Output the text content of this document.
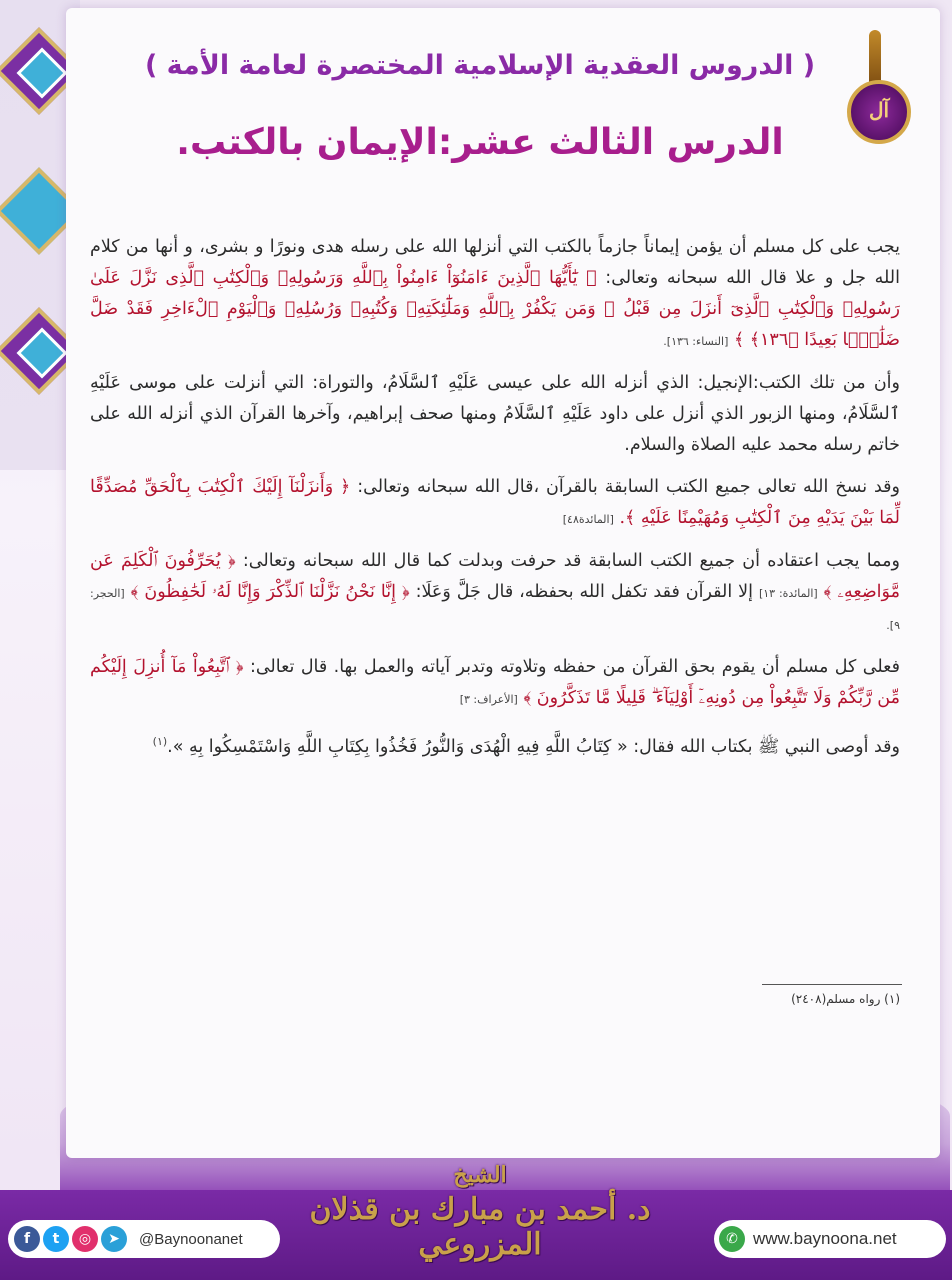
آل
( الدروس العقدية الإسلامية المختصرة لعامة الأمة )
الدرس الثالث عشر:الإيمان بالكتب.

يجب على كل مسلم أن يؤمن إيماناً جازماً بالكتب التي أنزلها الله على رسله هدى ونورًا و بشرى، و أنها من كلام الله جل و علا قال الله سبحانه وتعالى: ﴿ يَٰٓأَيُّهَا ٱلَّذِينَ ءَامَنُوٓاْ ءَامِنُواْ بِٱللَّهِ وَرَسُولِهِۦ وَٱلْكِتَٰبِ ٱلَّذِى نَزَّلَ عَلَىٰ رَسُولِهِۦ وَٱلْكِتَٰبِ ٱلَّذِىٓ أَنزَلَ مِن قَبْلُ ۚ وَمَن يَكْفُرْ بِٱللَّهِ وَمَلَٰٓئِكَتِهِۦ وَكُتُبِهِۦ وَرُسُلِهِۦ وَٱلْيَوْمِ ٱلْءَاخِرِ فَقَدْ ضَلَّ ضَلَٰلًۢا بَعِيدًا ﴿١٣٦﴾ ﴾ [النساء: ١٣٦].

وأن من تلك الكتب:الإنجيل: الذي أنزله الله على عيسى عَلَيْهِ ٱلسَّلَامُ، والتوراة: التي أنزلت على موسى عَلَيْهِ ٱلسَّلَامُ، ومنها الزبور الذي أنزل على داود عَلَيْهِ ٱلسَّلَامُ ومنها صحف إبراهيم، وآخرها القرآن الذي أنزله الله على خاتم رسله محمد عليه الصلاة والسلام.

وقد نسخ الله تعالى جميع الكتب السابقة بالقرآن ،قال الله سبحانه وتعالى: ﴿ وَأَنزَلْنَآ إِلَيْكَ ٱلْكِتَٰبَ بِٱلْحَقِّ مُصَدِّقًا لِّمَا بَيْنَ يَدَيْهِ مِنَ ٱلْكِتَٰبِ وَمُهَيْمِنًا عَلَيْهِ ﴾. [المائدة٤٨]

ومما يجب اعتقاده أن جميع الكتب السابقة قد حرفت وبدلت كما قال الله سبحانه وتعالى: ﴿ يُحَرِّفُونَ ٱلْكَلِمَ عَن مَّوَاضِعِهِۦ ﴾ [المائدة: ١٣] إلا القرآن فقد تكفل الله بحفظه، قال جَلَّ وَعَلَا: ﴿ إِنَّا نَحْنُ نَزَّلْنَا ٱلذِّكْرَ وَإِنَّا لَهُۥ لَحَٰفِظُونَ ﴾ [الحجر: ٩].

فعلى كل مسلم أن يقوم بحق القرآن من حفظه وتلاوته وتدبر آياته والعمل بها. قال تعالى: ﴿ ٱتَّبِعُواْ مَآ أُنزِلَ إِلَيْكُم مِّن رَّبِّكُمْ وَلَا تَتَّبِعُواْ مِن دُونِهِۦٓ أَوْلِيَآءَ ۗ قَلِيلًا مَّا تَذَكَّرُونَ ﴾ [الأعراف: ٣]

وقد أوصى النبي ﷺ بكتاب الله فقال: « كِتَابُ اللَّهِ فِيهِ الْهُدَى وَالنُّورُ فَخُذُوا بِكِتَابِ اللَّهِ وَاسْتَمْسِكُوا بِهِ ».$^{(١)}$

(١) رواه مسلم(٢٤٠٨)
الشيخ
د. أحمد بن مبارك بن قذلان المزروعي
f	t	◎	➤	@Baynoonanet	✆ www.baynoona.net
